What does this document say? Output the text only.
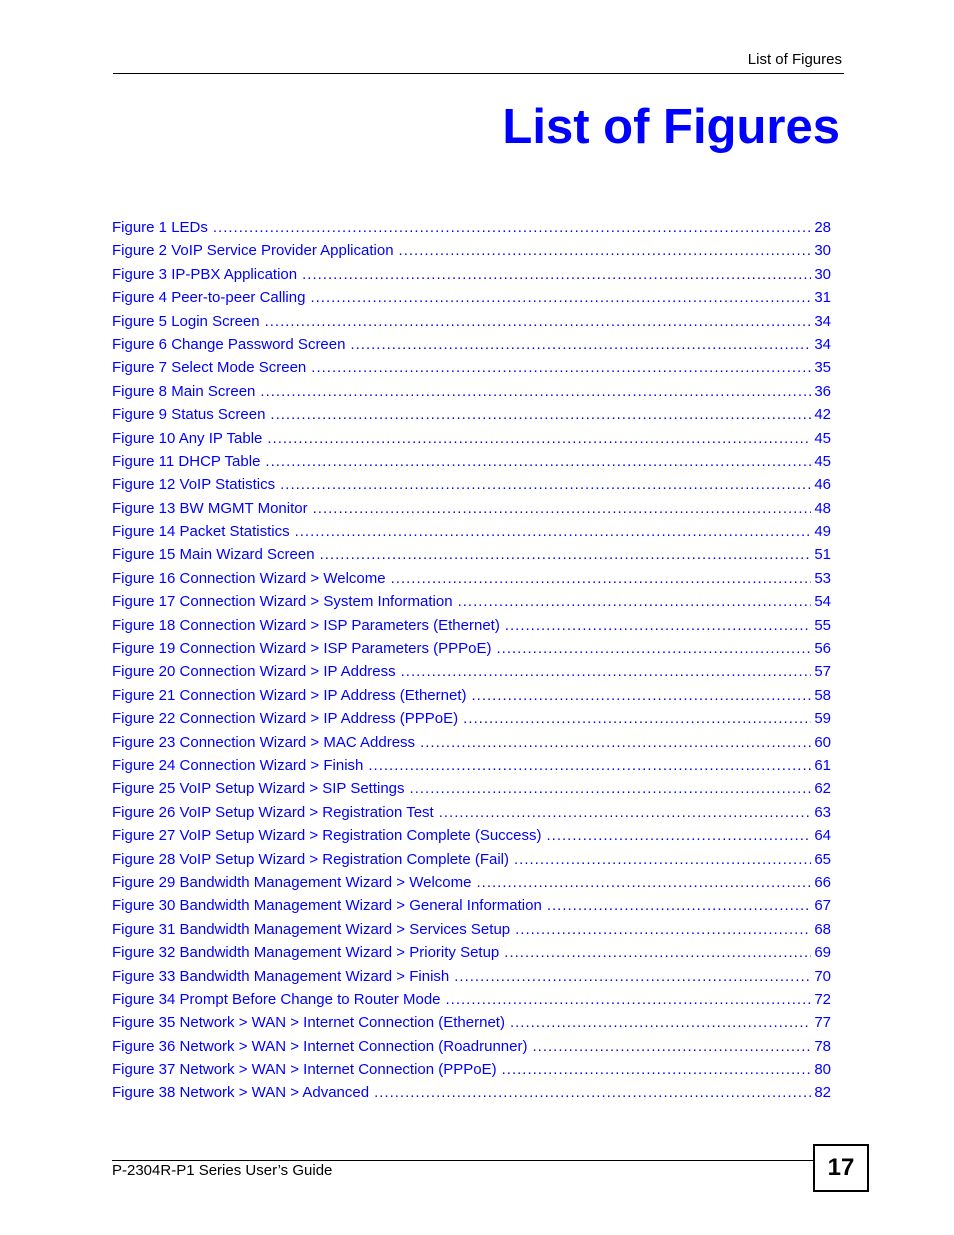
List of Figures
List of Figures
Figure 1 LEDs .....	28
Figure 2 VoIP Service Provider Application .....	30
Figure 3 IP-PBX Application .....	30
Figure 4 Peer-to-peer Calling .....	31
Figure 5 Login Screen .....	34
Figure 6 Change Password Screen .....	34
Figure 7 Select Mode Screen .....	35
Figure 8 Main Screen .....	36
Figure 9 Status Screen .....	42
Figure 10 Any IP Table .....	45
Figure 11 DHCP Table .....	45
Figure 12 VoIP Statistics .....	46
Figure 13 BW MGMT Monitor .....	48
Figure 14 Packet Statistics .....	49
Figure 15 Main Wizard Screen .....	51
Figure 16 Connection Wizard > Welcome .....	53
Figure 17 Connection Wizard > System Information .....	54
Figure 18 Connection Wizard > ISP Parameters (Ethernet) .....	55
Figure 19 Connection Wizard > ISP Parameters (PPPoE) .....	56
Figure 20 Connection Wizard > IP Address .....	57
Figure 21 Connection Wizard > IP Address (Ethernet) .....	58
Figure 22 Connection Wizard > IP Address (PPPoE) .....	59
Figure 23 Connection Wizard > MAC Address .....	60
Figure 24 Connection Wizard > Finish .....	61
Figure 25 VoIP Setup Wizard > SIP Settings .....	62
Figure 26 VoIP Setup Wizard > Registration Test .....	63
Figure 27 VoIP Setup Wizard > Registration Complete (Success) .....	64
Figure 28 VoIP Setup Wizard > Registration Complete (Fail) .....	65
Figure 29 Bandwidth Management Wizard > Welcome .....	66
Figure 30 Bandwidth Management Wizard > General Information .....	67
Figure 31 Bandwidth Management Wizard > Services Setup .....	68
Figure 32 Bandwidth Management Wizard > Priority Setup .....	69
Figure 33 Bandwidth Management Wizard > Finish .....	70
Figure 34 Prompt Before Change to Router Mode .....	72
Figure 35 Network > WAN > Internet Connection (Ethernet) .....	77
Figure 36 Network > WAN > Internet Connection (Roadrunner) .....	78
Figure 37 Network > WAN > Internet Connection (PPPoE) .....	80
Figure 38 Network > WAN > Advanced .....	82
P-2304R-P1 Series User’s Guide	17
